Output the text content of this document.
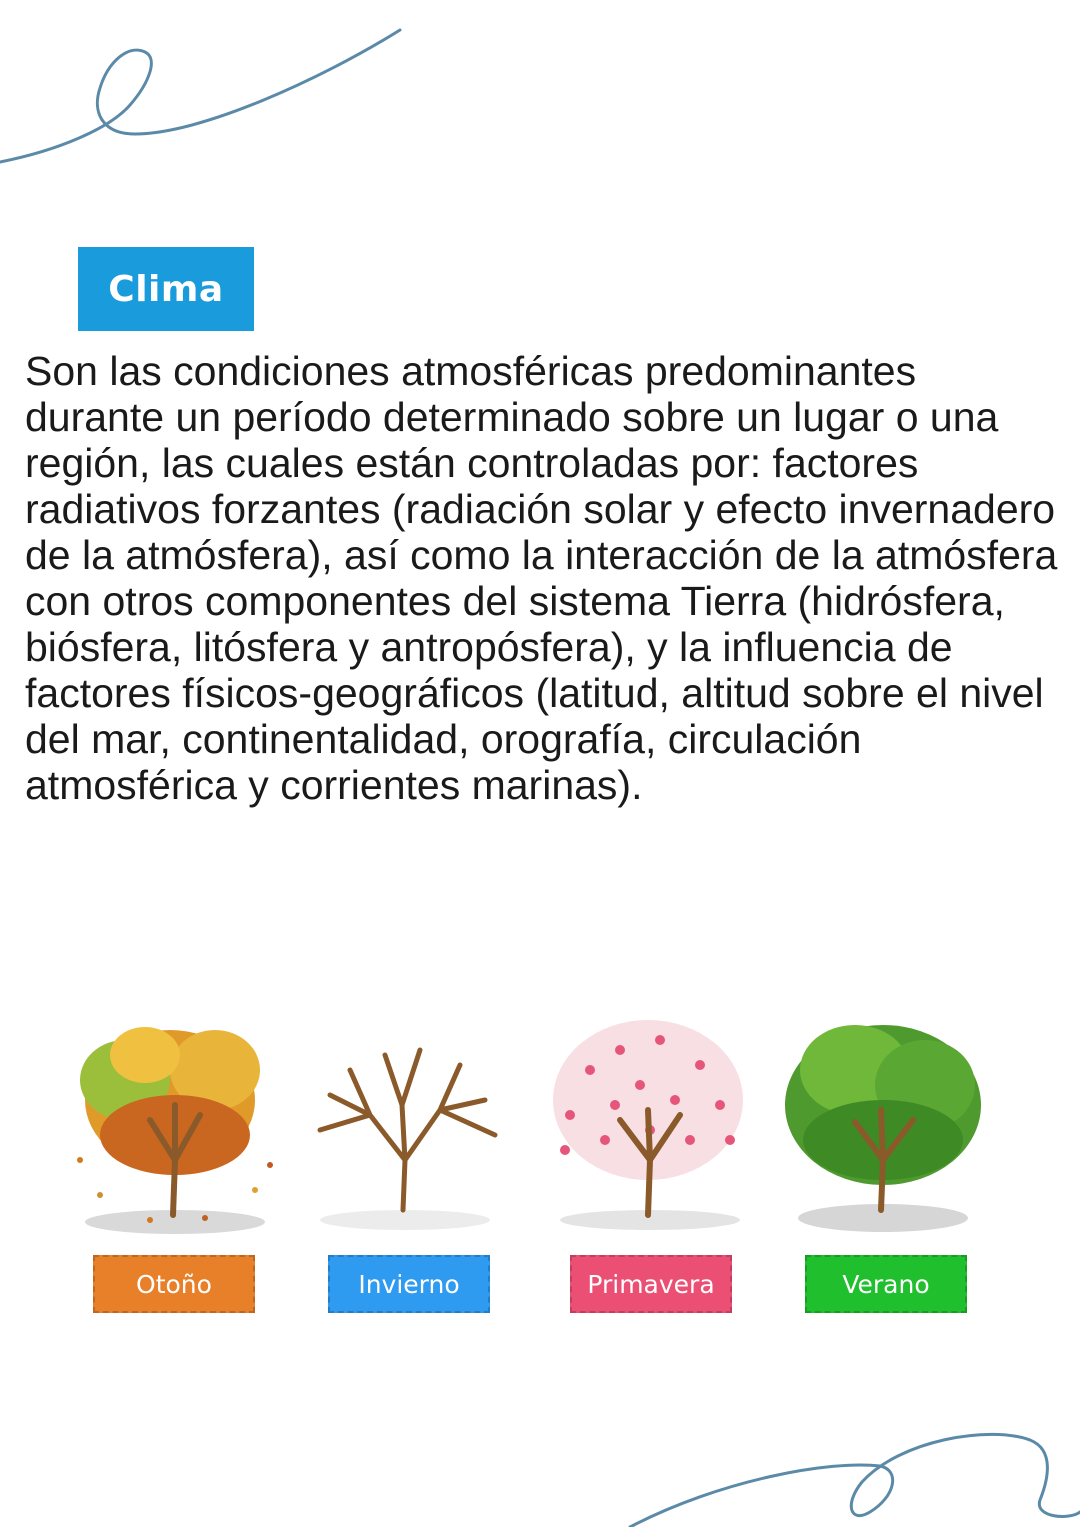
Clima

Son las condiciones atmosféricas predominantes durante un período determinado sobre un lugar o una región, las cuales están controladas por: factores radiativos forzantes (radiación solar y efecto invernadero de la atmósfera), así como la interacción de la atmósfera con otros componentes del sistema Tierra (hidrósfera, biósfera, litósfera y antropósfera), y la influencia de factores físicos-geográficos (latitud, altitud sobre el nivel del mar, continentalidad, orografía, circulación atmosférica y corrientes marinas).

Otoño	Invierno	Primavera	Verano
